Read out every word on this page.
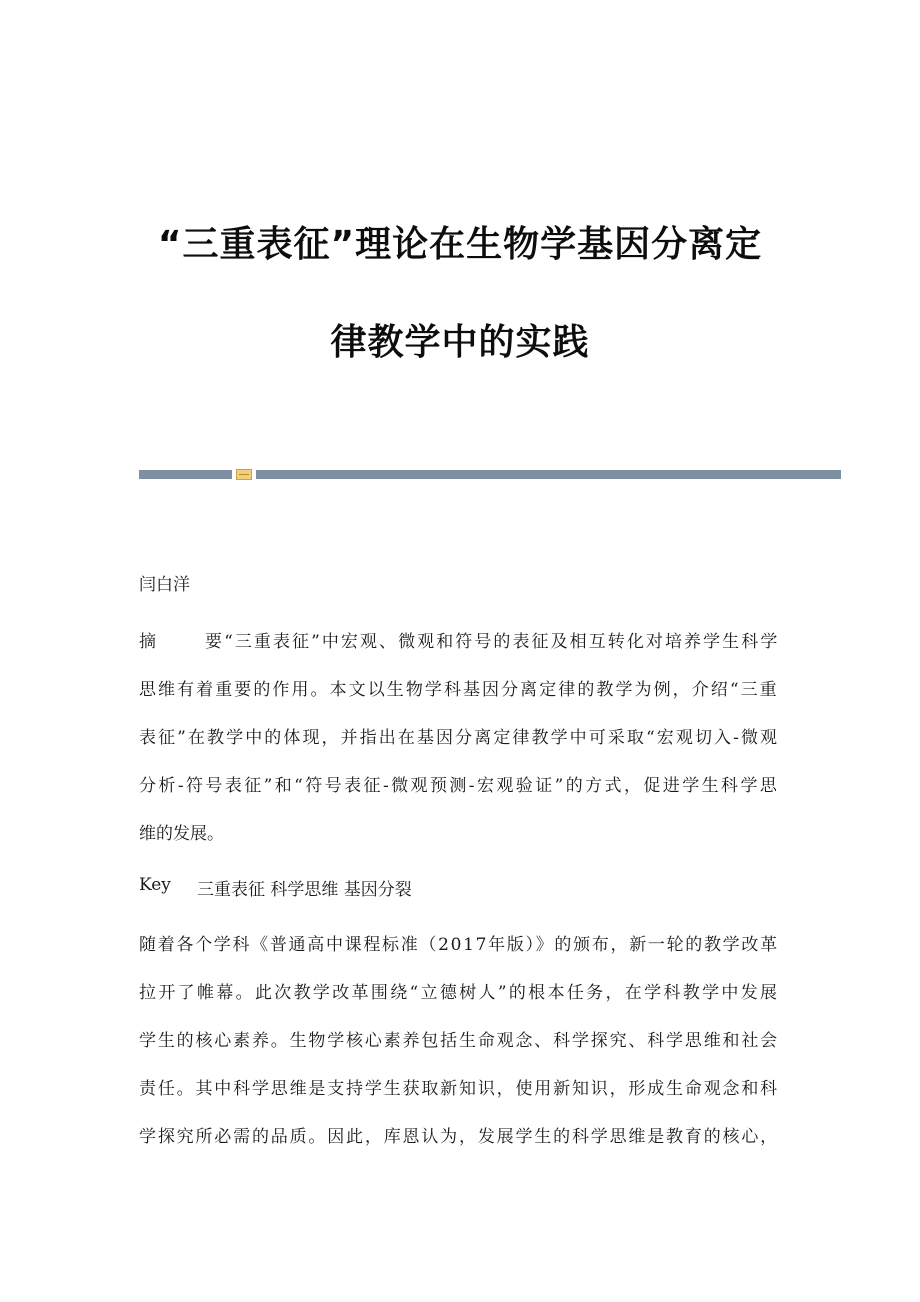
“三重表征”理论在生物学基因分离定
律教学中的实践
闫白洋
摘	要“三重表征”中宏观、微观和符号的表征及相互转化对培养学生科学
思维有着重要的作用。本文以生物学科基因分离定律的教学为例，介绍“三重
表征”在教学中的体现，并指出在基因分离定律教学中可采取“宏观切入-微观
分析-符号表征”和“符号表征-微观预测-宏观验证”的方式，促进学生科学思
维的发展。
Key 三重表征 科学思维 基因分裂
随着各个学科《普通高中课程标准（2017年版）》的颁布，新一轮的教学改革
拉开了帷幕。此次教学改革围绕“立德树人”的根本任务，在学科教学中发展
学生的核心素养。生物学核心素养包括生命观念、科学探究、科学思维和社会
责任。其中科学思维是支持学生获取新知识，使用新知识，形成生命观念和科
学探究所必需的品质。因此，库恩认为，发展学生的科学思维是教育的核心，
